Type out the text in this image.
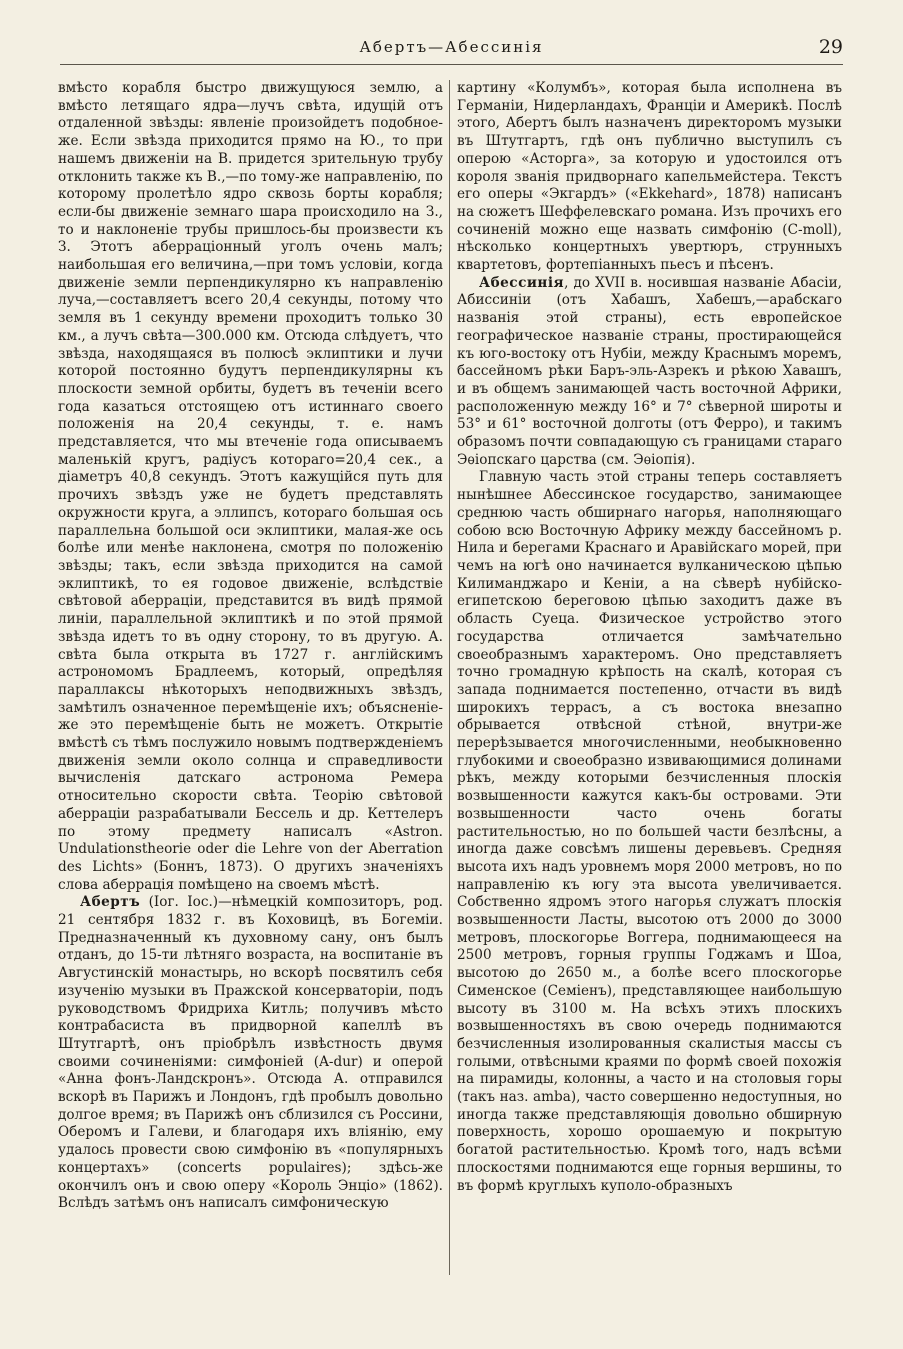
Абертъ—Абессинія	29

вмѣсто корабля быстро движущуюся землю, а вмѣсто летящаго ядра—лучъ свѣта, идущій отъ отдаленной звѣзды: явленіе произойдетъ подобное-же. Если звѣзда приходится прямо на Ю., то при нашемъ движеніи на В. придется зрительную трубу отклонить также къ В.,—по тому-же направленію, по которому пролетѣло ядро сквозь борты корабля; если-бы движеніе земнаго шара происходило на З., то и наклоненіе трубы пришлось-бы произвести къ З. Этотъ аберраціонный уголъ очень малъ; наибольшая его величина,—при томъ условіи, когда движеніе земли перпендикулярно къ направленію луча,—составляетъ всего 20,4 секунды, потому что земля въ 1 секунду времени проходитъ только 30 км., а лучъ свѣта—300.000 км. Отсюда слѣдуетъ, что звѣзда, находящаяся въ полюсѣ эклиптики и лучи которой постоянно будутъ перпендикулярны къ плоскости земной орбиты, будетъ въ теченіи всего года казаться отстоящею отъ истиннаго своего положенія на 20,4 секунды, т. е. намъ представляется, что мы втеченіе года описываемъ маленькій кругъ, радіусъ котораго=20,4 сек., а діаметръ 40,8 секундъ. Этотъ кажущійся путь для прочихъ звѣздъ уже не будетъ представлять окружности круга, а эллипсъ, котораго большая ось параллельна большой оси эклиптики, малая-же ось болѣе или менѣе наклонена, смотря по положенію звѣзды; такъ, если звѣзда приходится на самой эклиптикѣ, то ея годовое движеніе, вслѣдствіе свѣтовой аберраціи, представится въ видѣ прямой линіи, параллельной эклиптикѣ и по этой прямой звѣзда идетъ то въ одну сторону, то въ другую. А. свѣта была открыта въ 1727 г. англійскимъ астрономомъ Брадлеемъ, который, опредѣляя параллаксы нѣкоторыхъ неподвижныхъ звѣздъ, замѣтилъ означенное перемѣщеніе ихъ; объясненіе-же это перемѣщеніе быть не можетъ. Открытіе вмѣстѣ съ тѣмъ послужило новымъ подтвержденіемъ движенія земли около солнца и справедливости вычисленія датскаго астронома Ремера относительно скорости свѣта. Теорію свѣтовой аберраціи разрабатывали Бессель и др. Кеттелеръ по этому предмету написалъ «Astron. Undulationstheorie oder die Lehre von der Aberration des Lichts» (Боннъ, 1873). О другихъ значеніяхъ слова аберрація помѣщено на своемъ мѣстѣ.

Абертъ (Іог. Іос.)—нѣмецкій композиторъ, род. 21 сентября 1832 г. въ Коховицѣ, въ Богеміи. Предназначенный къ духовному сану, онъ былъ отданъ, до 15-ти лѣтняго возраста, на воспитаніе въ Августинскій монастырь, но вскорѣ посвятилъ себя изученію музыки въ Пражской консерваторіи, подъ руководствомъ Фридриха Китль; получивъ мѣсто контрабасиста въ придворной капеллѣ въ Штутгартѣ, онъ пріобрѣлъ извѣстность двумя своими сочиненіями: симфоніей (A-dur) и оперой «Анна фонъ-Ландскронъ». Отсюда А. отправился вскорѣ въ Парижъ и Лондонъ, гдѣ пробылъ довольно долгое время; въ Парижѣ онъ сблизился съ Россини, Оберомъ и Галеви, и благодаря ихъ вліянію, ему удалось провести свою симфонію въ «популярныхъ концертахъ» (concerts populaires); здѣсь-же окончилъ онъ и свою оперу «Король Энціо» (1862). Вслѣдъ затѣмъ онъ написалъ симфоническую

картину «Колумбъ», которая была исполнена въ Германіи, Нидерландахъ, Франціи и Америкѣ. Послѣ этого, Абертъ былъ назначенъ директоромъ музыки въ Штутгартъ, гдѣ онъ публично выступилъ съ оперою «Асторга», за которую и удостоился отъ короля званія придворнаго капельмейстера. Текстъ его оперы «Экгардъ» («Ekkehard», 1878) написанъ на сюжетъ Шеффелевскаго романа. Изъ прочихъ его сочиненій можно еще назвать симфонію (C-moll), нѣсколько концертныхъ увертюръ, струнныхъ квартетовъ, фортепіанныхъ пьесъ и пѣсенъ.

Абессинія, до XVII в. носившая названіе Абасіи, Абиссиніи (отъ Хабашъ, Хабешъ,—арабскаго названія этой страны), есть европейское географическое названіе страны, простирающейся къ юго-востоку отъ Нубіи, между Краснымъ моремъ, бассейномъ рѣки Баръ-эль-Азрекъ и рѣкою Хавашъ, и въ общемъ занимающей часть восточной Африки, расположенную между 16° и 7° сѣверной широты и 53° и 61° восточной долготы (отъ Ферро), и такимъ образомъ почти совпадающую съ границами стараго Эѳіопскаго царства (см. Эѳіопія).

Главную часть этой страны теперь составляетъ нынѣшнее Абессинское государство, занимающее среднюю часть обширнаго нагорья, наполняющаго собою всю Восточную Африку между бассейномъ р. Нила и берегами Краснаго и Аравійскаго морей, при чемъ на югѣ оно начинается вулканическою цѣпью Килиманджаро и Кеніи, а на сѣверѣ нубійско-египетскою береговою цѣпью заходитъ даже въ область Суеца. Физическое устройство этого государства отличается замѣчательно своеобразнымъ характеромъ. Оно представляетъ точно громадную крѣпость на скалѣ, которая съ запада поднимается постепенно, отчасти въ видѣ широкихъ террасъ, а съ востока внезапно обрывается отвѣсной стѣной, внутри-же перерѣзывается многочисленными, необыкновенно глубокими и своеобразно извивающимися долинами рѣкъ, между которыми безчисленныя плоскія возвышенности кажутся какъ-бы островами. Эти возвышенности часто очень богаты растительностью, но по большей части безлѣсны, а иногда даже совсѣмъ лишены деревьевъ. Средняя высота ихъ надъ уровнемъ моря 2000 метровъ, но по направленію къ югу эта высота увеличивается. Собственно ядромъ этого нагорья служатъ плоскія возвышенности Ласты, высотою отъ 2000 до 3000 метровъ, плоскогорье Воггера, поднимающееся на 2500 метровъ, горныя группы Годжамъ и Шоа, высотою до 2650 м., а болѣе всего плоскогорье Сименское (Семіенъ), представляющее наибольшую высоту въ 3100 м. На всѣхъ этихъ плоскихъ возвышенностяхъ въ свою очередь поднимаются безчисленныя изолированныя скалистыя массы съ голыми, отвѣсными краями по формѣ своей похожія на пирамиды, колонны, а часто и на столовыя горы (такъ наз. amba), часто совершенно недоступныя, но иногда также представляющія довольно обширную поверхность, хорошо орошаемую и покрытую богатой растительностью. Кромѣ того, надъ всѣми плоскостями поднимаются еще горныя вершины, то въ формѣ круглыхъ куполо-образныхъ
